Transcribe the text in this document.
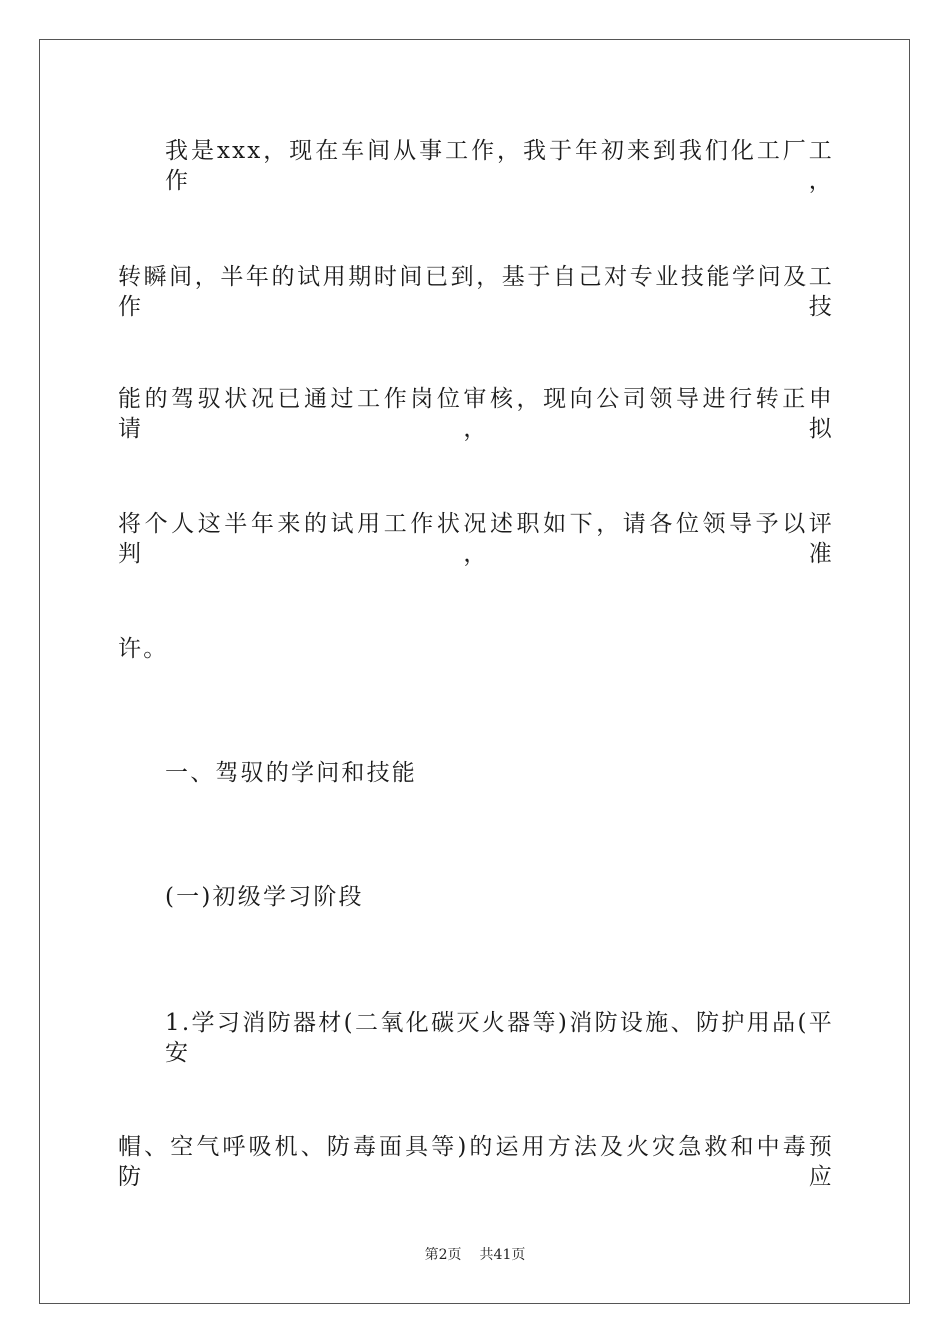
我是xxx，现在车间从事工作，我于年初来到我们化工厂工作，
转瞬间，半年的试用期时间已到，基于自己对专业技能学问及工作技
能的驾驭状况已通过工作岗位审核，现向公司领导进行转正申请，拟
将个人这半年来的试用工作状况述职如下，请各位领导予以评判，准
许。
一、驾驭的学问和技能
(一)初级学习阶段
1.学习消防器材(二氧化碳灭火器等)消防设施、防护用品(平安
帽、空气呼吸机、防毒面具等)的运用方法及火灾急救和中毒预防应
第2页 共41页
